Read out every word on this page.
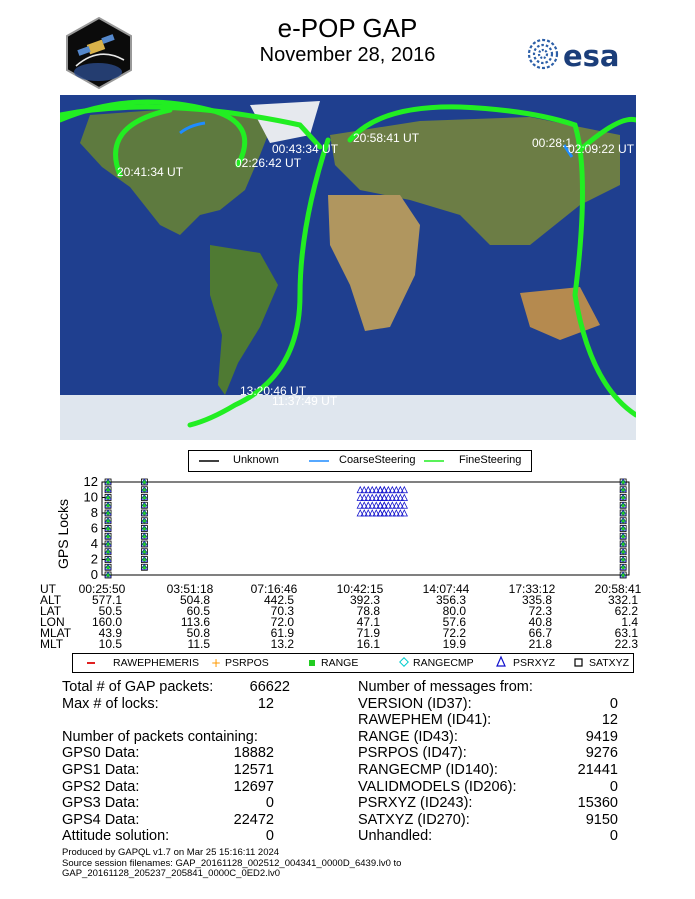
e-POP GAP
November 28, 2016	esa
20:41:34 UT
02:26:42 UT
00:43:34 UT
20:58:41 UT	00:28:1
02:09:22 UT
13:20:46 UT
11:37:49 UT
Unknown	CoarseSteering	FineSteering
GPS Locks
0
2
4
6
8
10
12
UT	00:25:50	03:51:18	07:16:46	10:42:15	14:07:44	17:33:12	20:58:41
ALT	577.1	504.8	442.5	392.3	356.3	335.8	332.1
LAT	50.5	60.5	70.3	78.8	80.0	72.3	62.2
LON	160.0	113.6	72.0	47.1	57.6	40.8	1.4
MLAT	43.9	50.8	61.9	71.9	72.2	66.7	63.1
MLT	10.5	11.5	13.2	16.1	19.9	21.8	22.3
+
RAWEPHEMERIS PSRPOS	RANGE	RANGECMP	PSRXYZ	SATXYZ
Total # of GAP packets:	66622
Max # of locks:	12
Number of packets containing:
GPS0 Data:	18882
GPS1 Data:	12571
GPS2 Data:	12697
GPS3 Data:	0
GPS4 Data:	22472
Attitude solution:	0
Number of messages from:
VERSION (ID37):	0
RAWEPHEM (ID41):	12
RANGE (ID43):	9419
PSRPOS (ID47):	9276
RANGECMP (ID140):	21441
VALIDMODELS (ID206):	0
PSRXYZ (ID243):	15360
SATXYZ (ID270):	9150
Unhandled:	0
Produced by GAPQL v1.7 on Mar 25 15:16:11 2024
Source session filenames: GAP_20161128_002512_004341_0000D_6439.lv0 to
GAP_20161128_205237_205841_0000C_0ED2.lv0
